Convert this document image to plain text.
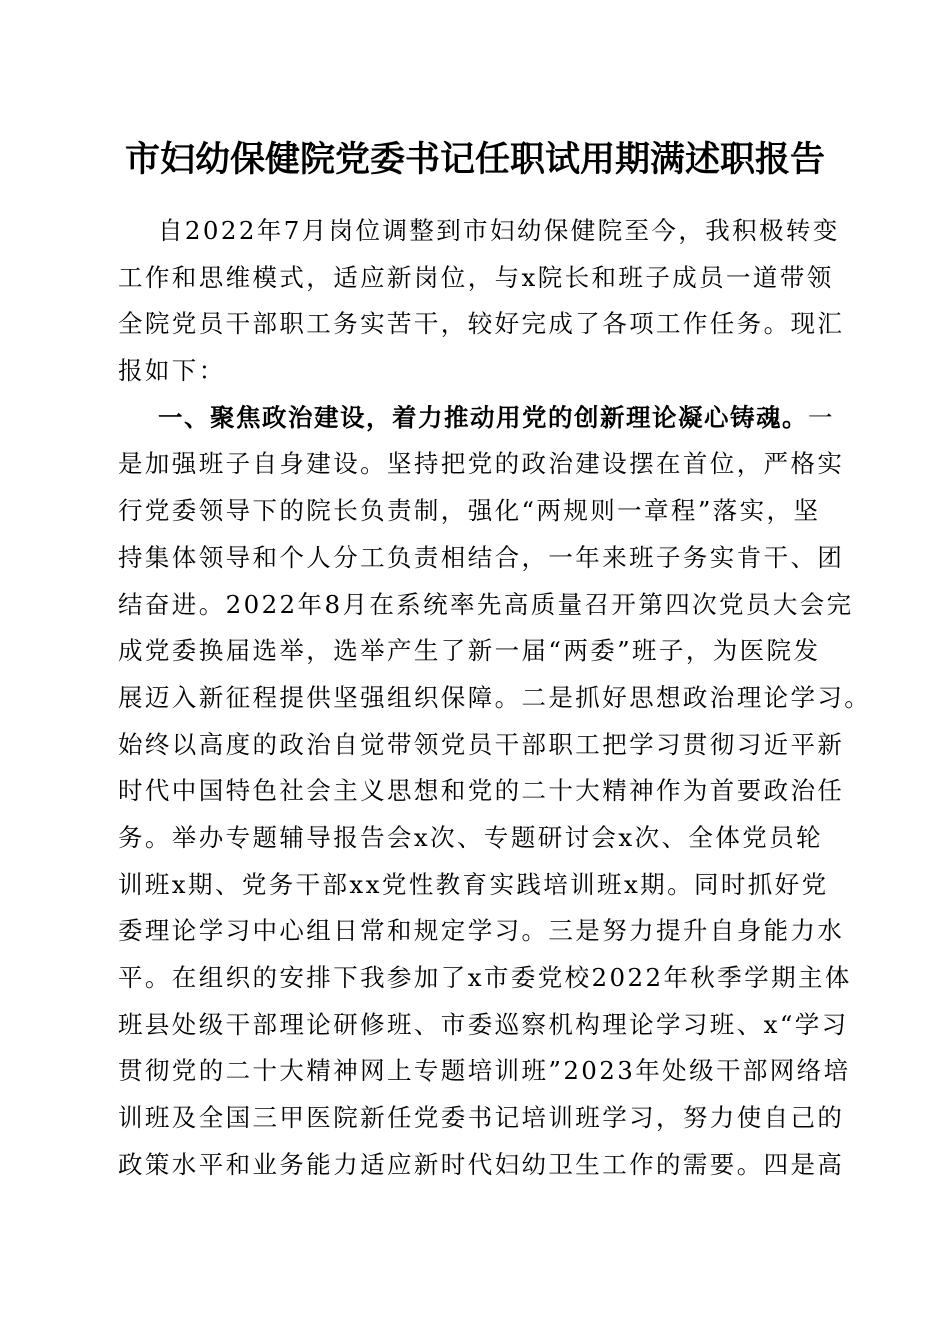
市妇幼保健院党委书记任职试用期满述职报告
自2022年7月岗位调整到市妇幼保健院至今，我积极转变
工作和思维模式，适应新岗位，与x院长和班子成员一道带领
全院党员干部职工务实苦干，较好完成了各项工作任务。现汇
报如下：
一、聚焦政治建设，着力推动用党的创新理论凝心铸魂。一
是加强班子自身建设。坚持把党的政治建设摆在首位，严格实
行党委领导下的院长负责制，强化“两规则一章程”落实，坚
持集体领导和个人分工负责相结合，一年来班子务实肯干、团
结奋进。2022年8月在系统率先高质量召开第四次党员大会完
成党委换届选举，选举产生了新一届“两委”班子，为医院发
展迈入新征程提供坚强组织保障。二是抓好思想政治理论学习。
始终以高度的政治自觉带领党员干部职工把学习贯彻习近平新
时代中国特色社会主义思想和党的二十大精神作为首要政治任
务。举办专题辅导报告会x次、专题研讨会x次、全体党员轮
训班x期、党务干部xx党性教育实践培训班x期。同时抓好党
委理论学习中心组日常和规定学习。三是努力提升自身能力水
平。在组织的安排下我参加了x市委党校2022年秋季学期主体
班县处级干部理论研修班、市委巡察机构理论学习班、x“学习
贯彻党的二十大精神网上专题培训班”2023年处级干部网络培
训班及全国三甲医院新任党委书记培训班学习，努力使自己的
政策水平和业务能力适应新时代妇幼卫生工作的需要。四是高
